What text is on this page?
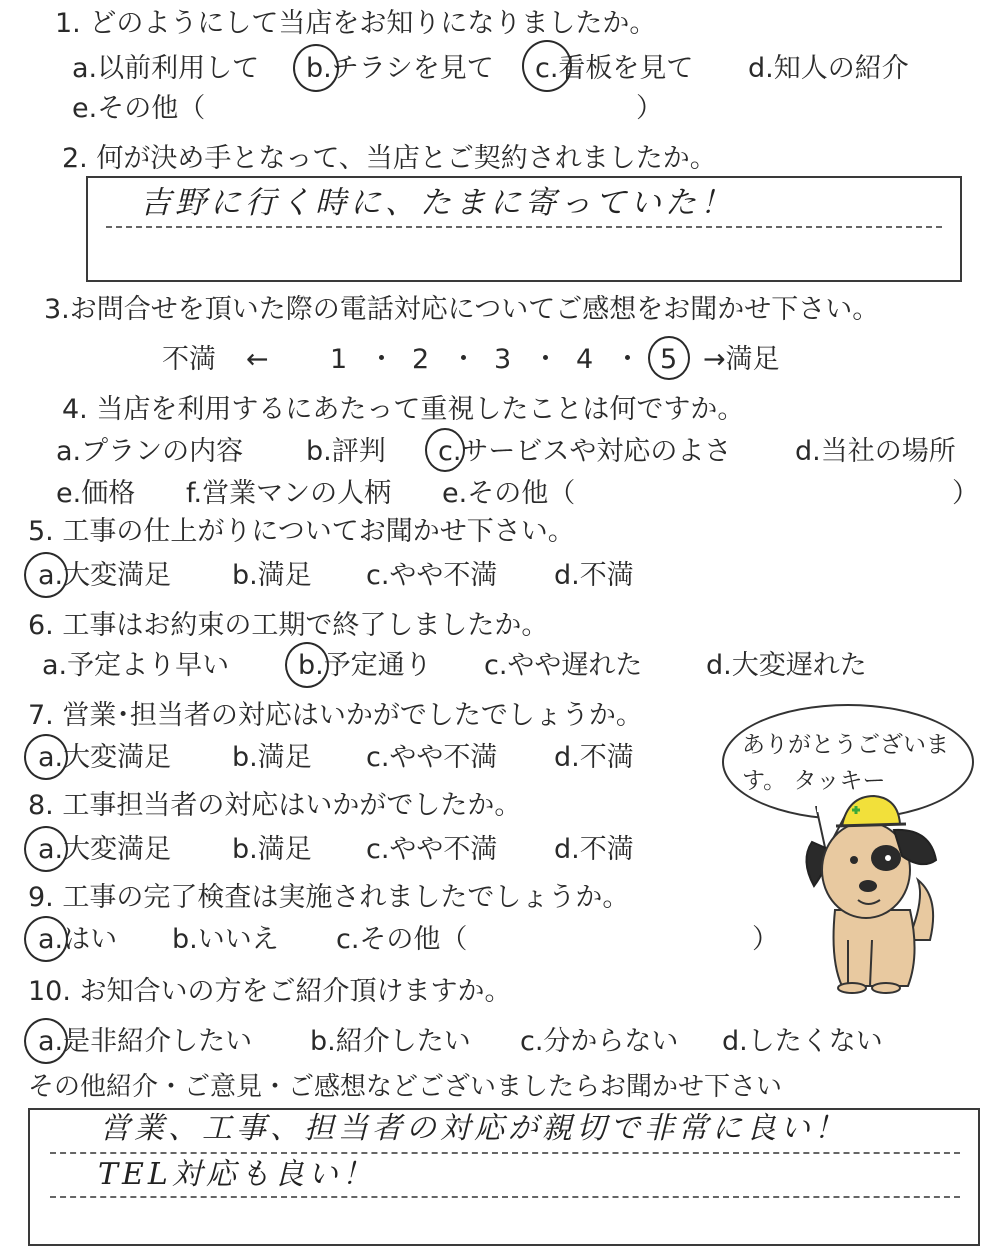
1. どのようにして当店をお知りになりましたか。
a.以前利用して b.チラシを見て c.看板を見て d.知人の紹介
e.その他（	）
2. 何が決め手となって、当店とご契約されましたか。
吉野に行く時に、たまに寄っていた！
3.お問合せを頂いた際の電話対応についてご感想をお聞かせ下さい。
不満 ← 1 ・ 2 ・ 3 ・ 4 ・ 5 →満足
4. 当店を利用するにあたって重視したことは何ですか。
a.プランの内容 b.評判 c.サービスや対応のよさ d.当社の場所
e.価格 f.営業マンの人柄 e.その他（	）
5. 工事の仕上がりについてお聞かせ下さい。
a.大変満足 b.満足 c.やや不満 d.不満
6. 工事はお約束の工期で終了しましたか。
a.予定より早い	b.予定通り c.やや遅れた d.大変遅れた
7. 営業･担当者の対応はいかがでしたでしょうか。
a.大変満足 b.満足 c.やや不満 d.不満
8. 工事担当者の対応はいかがでしたか。
a.大変満足 b.満足 c.やや不満 d.不満
9. 工事の完了検査は実施されましたでしょうか。
a.はい b.いいえ c.その他（	）
10. お知合いの方をご紹介頂けますか。
a.是非紹介したい b.紹介したい c.分からない d.したくない
その他紹介・ご意見・ご感想などございましたらお聞かせ下さい
営業、工事、担当者の対応が親切で非常に良い！
TEL対応も良い！
ありがとうございま
す。 タッキー
